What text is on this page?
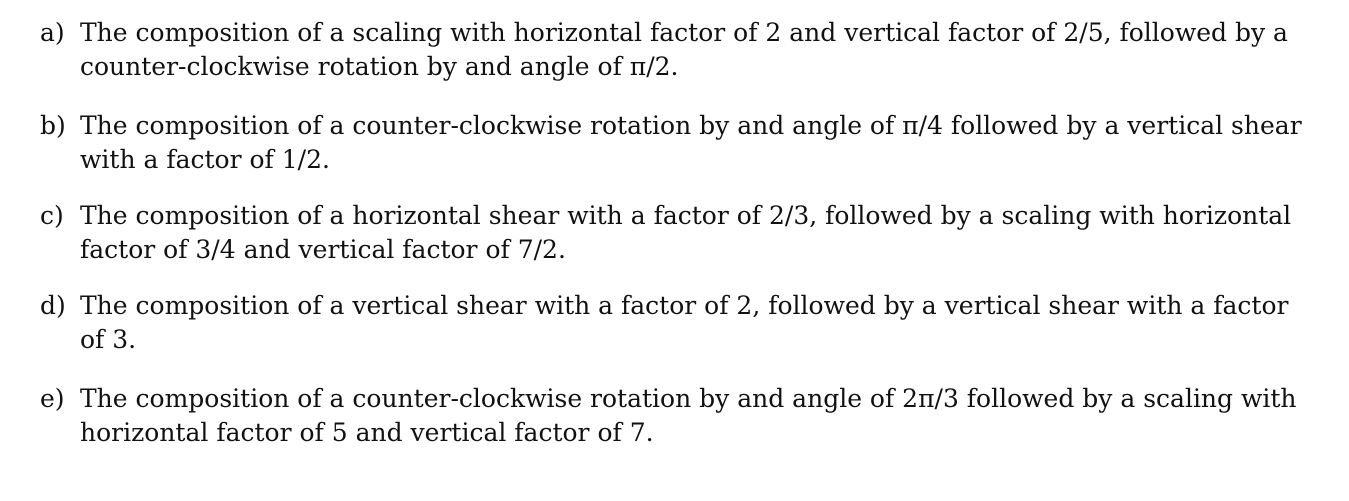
a) The composition of a scaling with horizontal factor of 2 and vertical factor of 2/5, followed by a
counter-clockwise rotation by and angle of π/2.
b) The composition of a counter-clockwise rotation by and angle of π/4 followed by a vertical shear
with a factor of 1/2.
c) The composition of a horizontal shear with a factor of 2/3, followed by a scaling with horizontal
factor of 3/4 and vertical factor of 7/2.
d) The composition of a vertical shear with a factor of 2, followed by a vertical shear with a factor
of 3.
e) The composition of a counter-clockwise rotation by and angle of 2π/3 followed by a scaling with
horizontal factor of 5 and vertical factor of 7.
